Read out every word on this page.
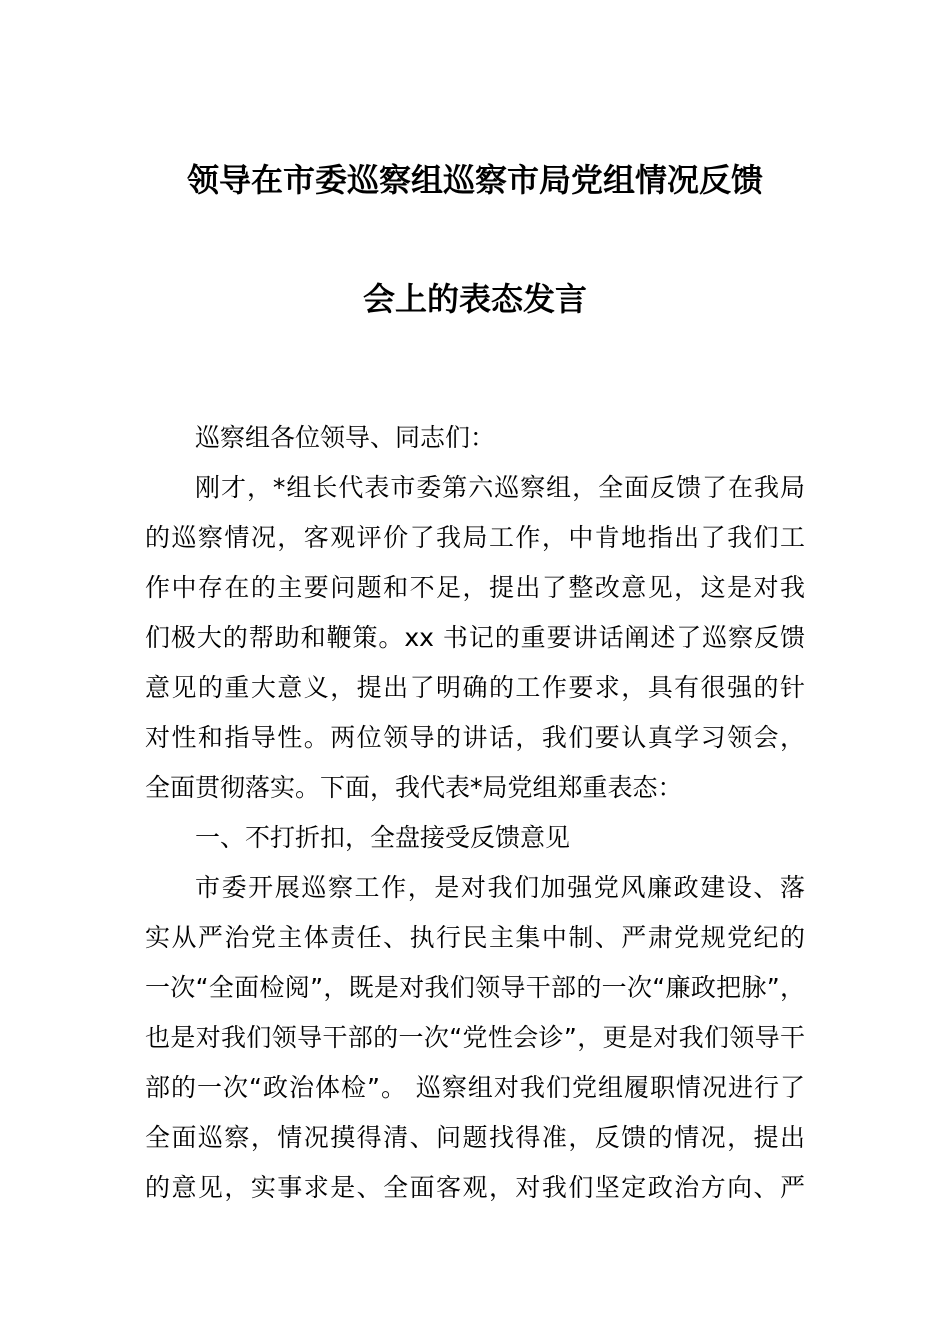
领导在市委巡察组巡察市局党组情况反馈
会上的表态发言
巡察组各位领导、同志们：
刚才，*组长代表市委第六巡察组，全面反馈了在我局
的巡察情况，客观评价了我局工作，中肯地指出了我们工
作中存在的主要问题和不足，提出了整改意见，这是对我
们极大的帮助和鞭策。xx 书记的重要讲话阐述了巡察反馈
意见的重大意义，提出了明确的工作要求，具有很强的针
对性和指导性。两位领导的讲话，我们要认真学习领会，
全面贯彻落实。下面，我代表*局党组郑重表态：
一、不打折扣，全盘接受反馈意见
市委开展巡察工作，是对我们加强党风廉政建设、落
实从严治党主体责任、执行民主集中制、严肃党规党纪的
一次“全面检阅”，既是对我们领导干部的一次“廉政把脉”，
也是对我们领导干部的一次“党性会诊”，更是对我们领导干
部的一次“政治体检”。 巡察组对我们党组履职情况进行了
全面巡察，情况摸得清、问题找得准，反馈的情况，提出
的意见，实事求是、全面客观，对我们坚定政治方向、严
